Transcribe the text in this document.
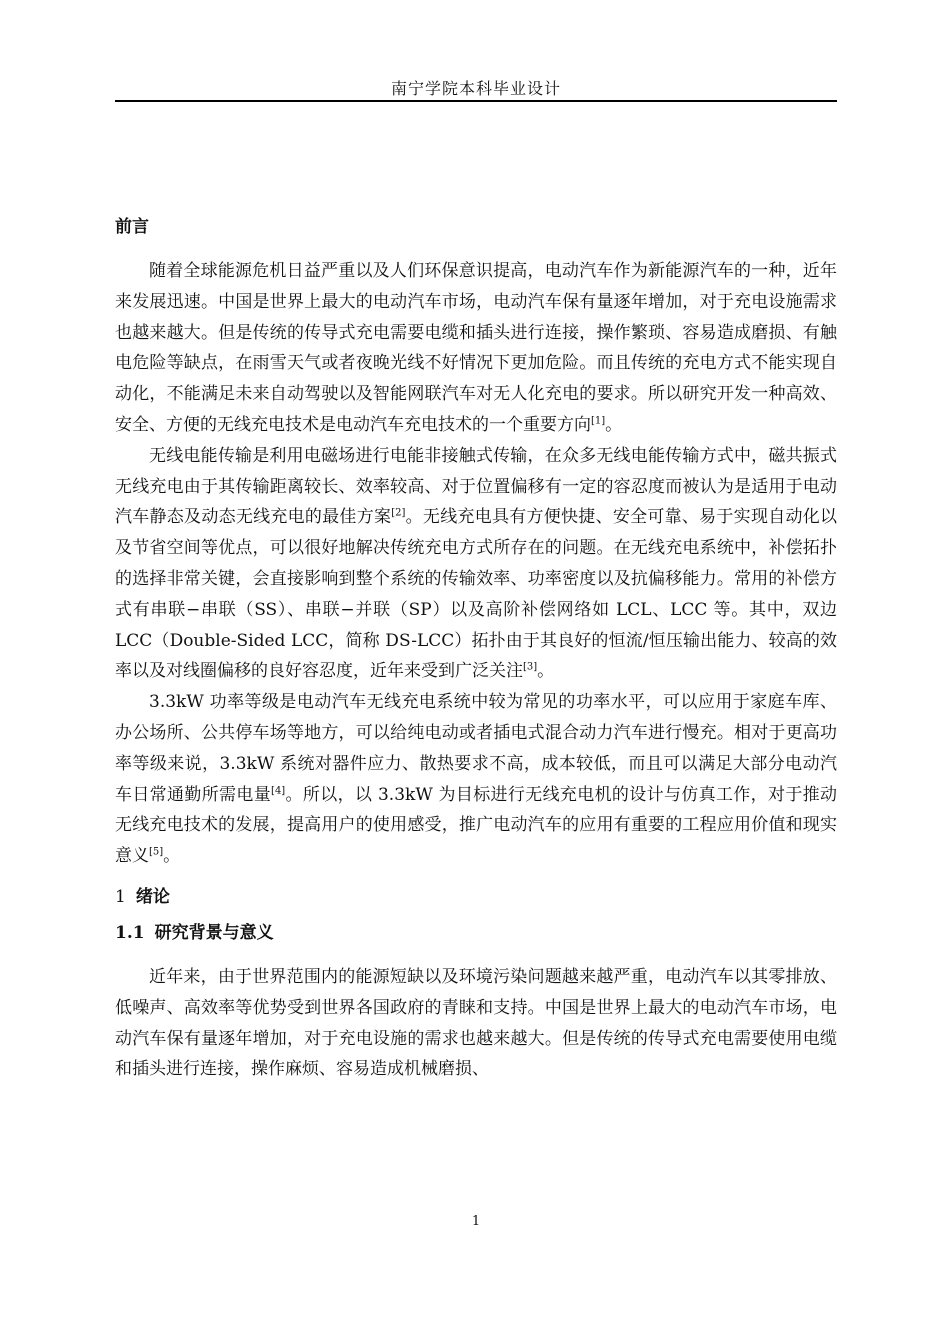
南宁学院本科毕业设计
前言

随着全球能源危机日益严重以及人们环保意识提高，电动汽车作为新能源汽车的一种，近年来发展迅速。中国是世界上最大的电动汽车市场，电动汽车保有量逐年增加，对于充电设施需求也越来越大。但是传统的传导式充电需要电缆和插头进行连接，操作繁琐、容易造成磨损、有触电危险等缺点，在雨雪天气或者夜晚光线不好情况下更加危险。而且传统的充电方式不能实现自动化，不能满足未来自动驾驶以及智能网联汽车对无人化充电的要求。所以研究开发一种高效、安全、方便的无线充电技术是电动汽车充电技术的一个重要方向[1]。

无线电能传输是利用电磁场进行电能非接触式传输，在众多无线电能传输方式中，磁共振式无线充电由于其传输距离较长、效率较高、对于位置偏移有一定的容忍度而被认为是适用于电动汽车静态及动态无线充电的最佳方案[2]。无线充电具有方便快捷、安全可靠、易于实现自动化以及节省空间等优点，可以很好地解决传统充电方式所存在的问题。在无线充电系统中，补偿拓扑的选择非常关键，会直接影响到整个系统的传输效率、功率密度以及抗偏移能力。常用的补偿方式有串联−串联（SS）、串联−并联（SP）以及高阶补偿网络如 LCL、LCC 等。其中，双边 LCC（Double-Sided LCC，简称 DS-LCC）拓扑由于其良好的恒流/恒压输出能力、较高的效率以及对线圈偏移的良好容忍度，近年来受到广泛关注[3]。

3.3kW 功率等级是电动汽车无线充电系统中较为常见的功率水平，可以应用于家庭车库、办公场所、公共停车场等地方，可以给纯电动或者插电式混合动力汽车进行慢充。相对于更高功率等级来说，3.3kW 系统对器件应力、散热要求不高，成本较低，而且可以满足大部分电动汽车日常通勤所需电量[4]。所以，以 3.3kW 为目标进行无线充电机的设计与仿真工作，对于推动无线充电技术的发展，提高用户的使用感受，推广电动汽车的应用有重要的工程应用价值和现实意义[5]。

1 绪论
1.1 研究背景与意义

近年来，由于世界范围内的能源短缺以及环境污染问题越来越严重，电动汽车以其零排放、低噪声、高效率等优势受到世界各国政府的青睐和支持。中国是世界上最大的电动汽车市场，电动汽车保有量逐年增加，对于充电设施的需求也越来越大。但是传统的传导式充电需要使用电缆和插头进行连接，操作麻烦、容易造成机械磨损、

1
